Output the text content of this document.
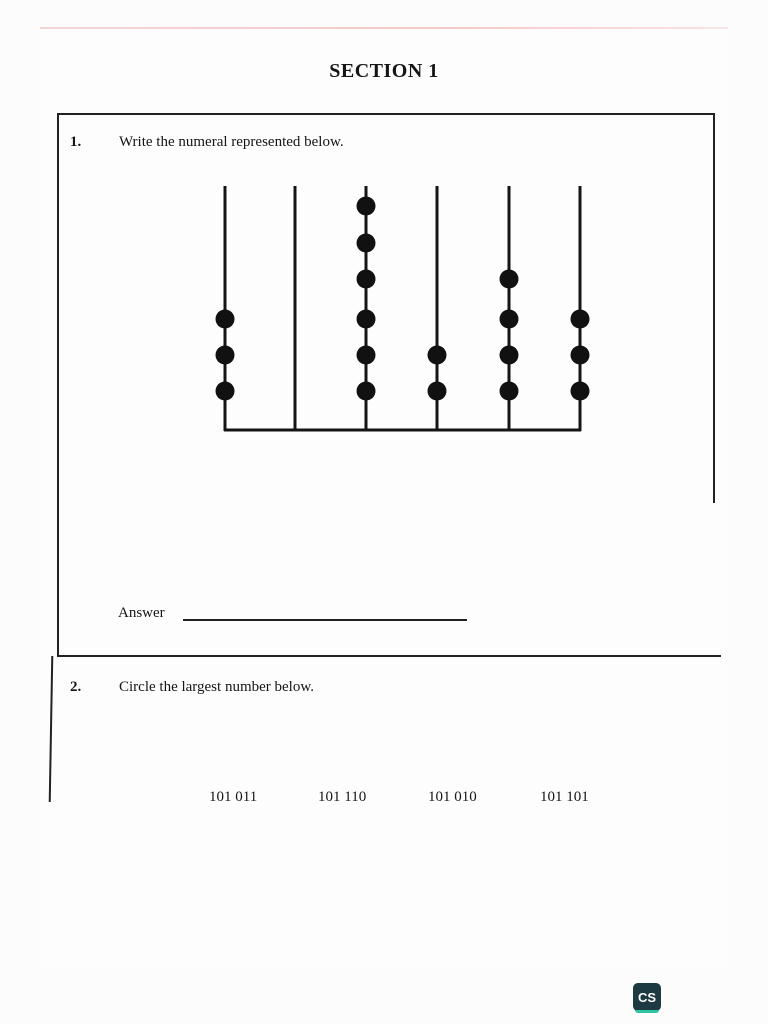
SECTION 1
1.	Write the numeral represented below.
Answer
2.	Circle the largest number below.
101 011	101 110	101 010	101 101
CS
